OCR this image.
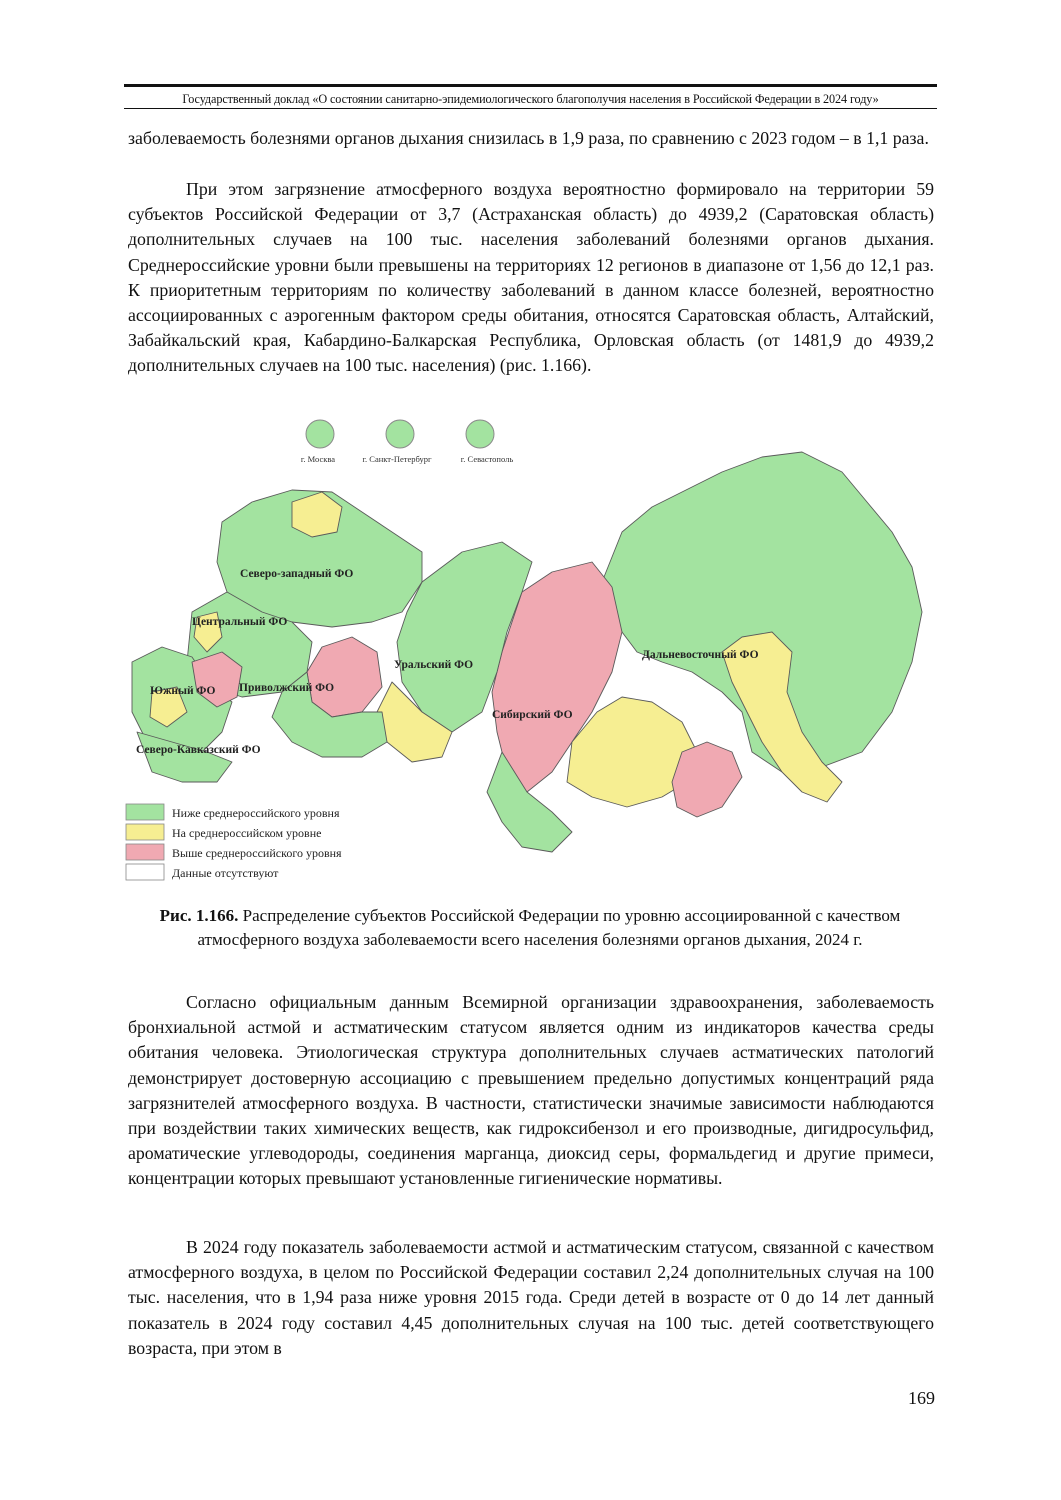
Государственный доклад «О состоянии санитарно-эпидемиологического благополучия населения в Российской Федерации в 2024 году»

заболеваемость болезнями органов дыхания снизилась в 1,9 раза, по сравнению с 2023 годом – в 1,1 раза.

При этом загрязнение атмосферного воздуха вероятностно формировало на территории 59 субъектов Российской Федерации от 3,7 (Астраханская область) до 4939,2 (Саратовская область) дополнительных случаев на 100 тыс. населения заболеваний болезнями органов дыхания. Среднероссийские уровни были превышены на территориях 12 регионов в диапазоне от 1,56 до 12,1 раз. К приоритетным территориям по количеству заболеваний в данном классе болезней, вероятностно ассоциированных с аэрогенным фактором среды обитания, относятся Саратовская область, Алтайский, Забайкальский края, Кабардино-Балкарская Республика, Орловская область (от 1481,9 до 4939,2 дополнительных случаев на 100 тыс. населения) (рис. 1.166).

г. Москва	г. Санкт-Петербург	г. Севастополь
Северо-западный ФО
Центральный ФО
Южный ФО Приволжский ФО
Уральский ФО
Сибирский ФО
Дальневосточный ФО
Северо-Кавказский ФО
Ниже среднероссийского уровня
На среднероссийском уровне
Выше среднероссийского уровня
Данные отсутствуют
Рис. 1.166. Распределение субъектов Российской Федерации по уровню ассоциированной с качеством атмосферного воздуха заболеваемости всего населения болезнями органов дыхания, 2024 г.

Согласно официальным данным Всемирной организации здравоохранения, заболеваемость бронхиальной астмой и астматическим статусом является одним из индикаторов качества среды обитания человека. Этиологическая структура дополнительных случаев астматических патологий демонстрирует достоверную ассоциацию с превышением предельно допустимых концентраций ряда загрязнителей атмосферного воздуха. В частности, статистически значимые зависимости наблюдаются при воздействии таких химических веществ, как гидроксибензол и его производные, дигидросульфид, ароматические углеводороды, соединения марганца, диоксид серы, формальдегид и другие примеси, концентрации которых превышают установленные гигиенические нормативы.

В 2024 году показатель заболеваемости астмой и астматическим статусом, связанной с качеством атмосферного воздуха, в целом по Российской Федерации составил 2,24 дополнительных случая на 100 тыс. населения, что в 1,94 раза ниже уровня 2015 года. Среди детей в возрасте от 0 до 14 лет данный показатель в 2024 году составил 4,45 дополнительных случая на 100 тыс. детей соответствующего возраста, при этом в

169
